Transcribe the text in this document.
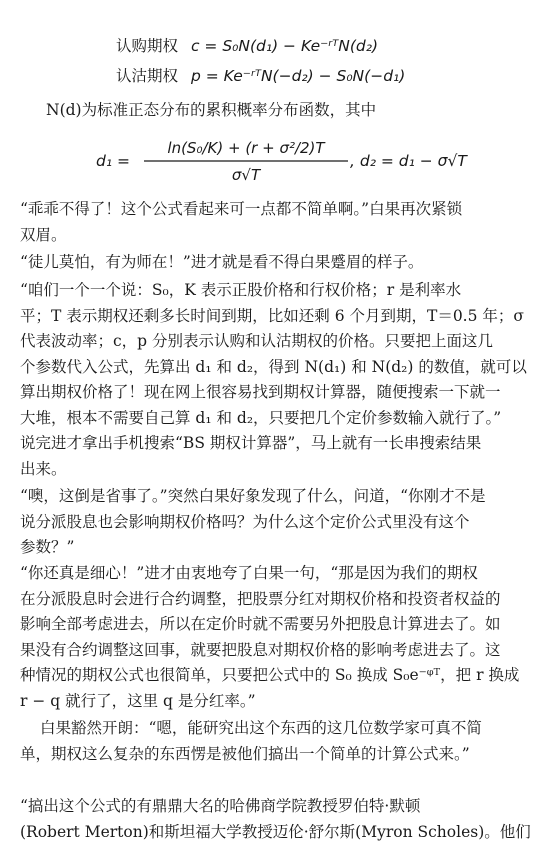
认购期权 c = S₀N(d₁) − Ke⁻ʳᵀN(d₂)
认沽期权 p = Ke⁻ʳᵀN(−d₂) − S₀N(−d₁)
N(d)为标准正态分布的累积概率分布函数，其中
d₁ =
ln(S₀/K) + (r + σ²/2)T
σ√T
, d₂ = d₁ − σ√T
“乖乖不得了！这个公式看起来可一点都不简单啊。”白果再次紧锁
双眉。
“徒儿莫怕，有为师在！”进才就是看不得白果蹙眉的样子。
“咱们一个一个说：S₀，K 表示正股价格和行权价格；r 是利率水
平；T 表示期权还剩多长时间到期，比如还剩 6 个月到期，T＝0.5 年；σ
代表波动率；c，p 分别表示认购和认沽期权的价格。只要把上面这几
个参数代入公式，先算出 d₁ 和 d₂，得到 N(d₁) 和 N(d₂) 的数值，就可以
算出期权价格了！现在网上很容易找到期权计算器，随便搜索一下就一
大堆，根本不需要自己算 d₁ 和 d₂，只要把几个定价参数输入就行了。”
说完进才拿出手机搜索“BS 期权计算器”，马上就有一长串搜索结果
出来。
“噢，这倒是省事了。”突然白果好象发现了什么，问道，“你刚才不是
说分派股息也会影响期权价格吗？为什么这个定价公式里没有这个
参数？”
“你还真是细心！”进才由衷地夸了白果一句，“那是因为我们的期权
在分派股息时会进行合约调整，把股票分红对期权价格和投资者权益的
影响全部考虑进去，所以在定价时就不需要另外把股息计算进去了。如
果没有合约调整这回事，就要把股息对期权价格的影响考虑进去了。这
种情况的期权公式也很简单，只要把公式中的 S₀ 换成 S₀e⁻ᵠᵀ，把 r 换成
r − q 就行了，这里 q 是分红率。”
白果豁然开朗：“嗯，能研究出这个东西的这几位数学家可真不简
单，期权这么复杂的东西愣是被他们搞出一个简单的计算公式来。”
“搞出这个公式的有鼎鼎大名的哈佛商学院教授罗伯特·默顿
(Robert Merton)和斯坦福大学教授迈伦·舒尔斯(Myron Scholes)。他们
